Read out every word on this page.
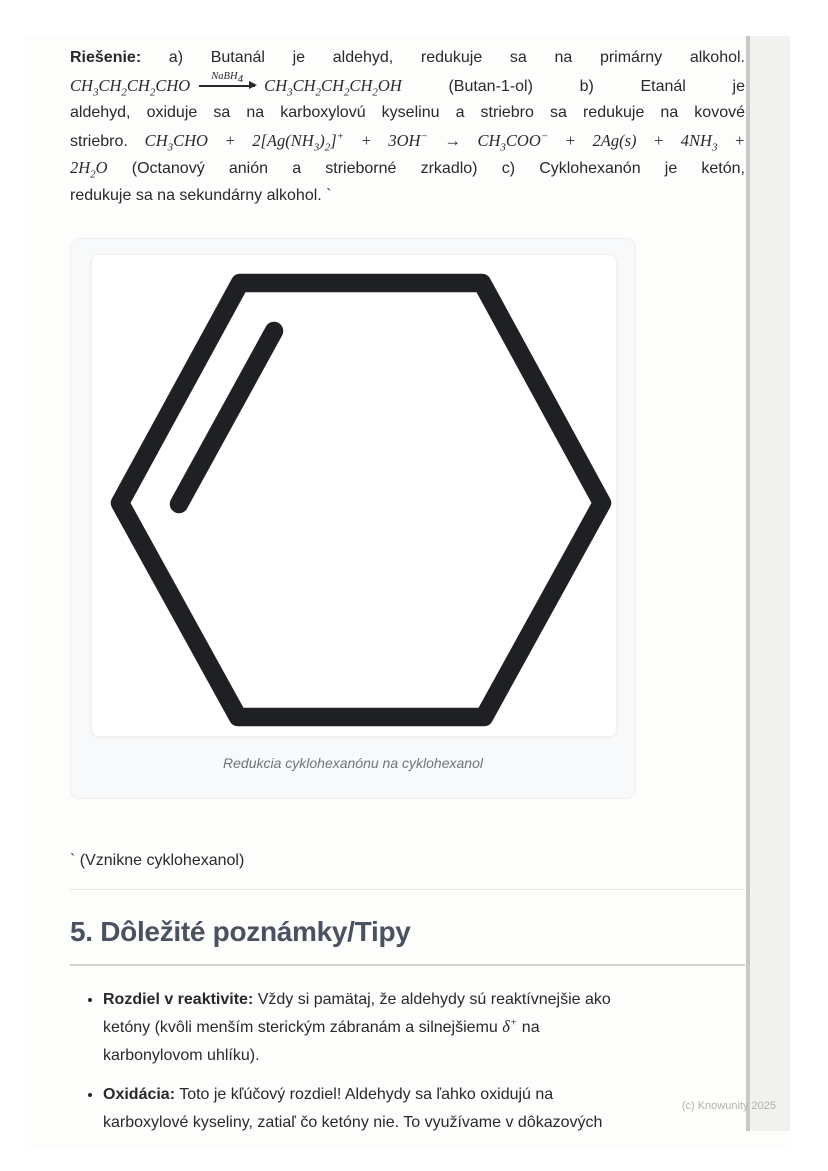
Riešenie: a) Butanál je aldehyd, redukuje sa na primárny alkohol.
$CH_3CH_2CH_2CHO$ NaBH$_4$ $CH_3CH_2CH_2CH_2OH$ (Butan-1-ol) b) Etanál je
aldehyd, oxiduje sa na karboxylovú kyselinu a striebro sa redukuje na kovové
striebro. $CH_3CHO + 2[Ag(NH_3)_2]^+ + 3OH^- \to CH_3COO^- + 2Ag(s) + 4NH_3$ +
$2H_2O$ (Octanový anión a strieborné zrkadlo) c) Cyklohexanón je ketón,
redukuje sa na sekundárny alkohol. `
Redukcia cyklohexanónu na cyklohexanol
` (Vznikne cyklohexanol)
5. Dôležité poznámky/Tipy
• Rozdiel v reaktivite: Vždy si pamätaj, že aldehydy sú reaktívnejšie ako ketóny (kvôli menším sterickým zábranám a silnejšiemu δ+ na karbonylovom uhlíku).
• Oxidácia: Toto je kľúčový rozdiel! Aldehydy sa ľahko oxidujú na karboxylové kyseliny, zatiaľ čo ketóny nie. To využívame v dôkazových
(c) Knowunity 2025
